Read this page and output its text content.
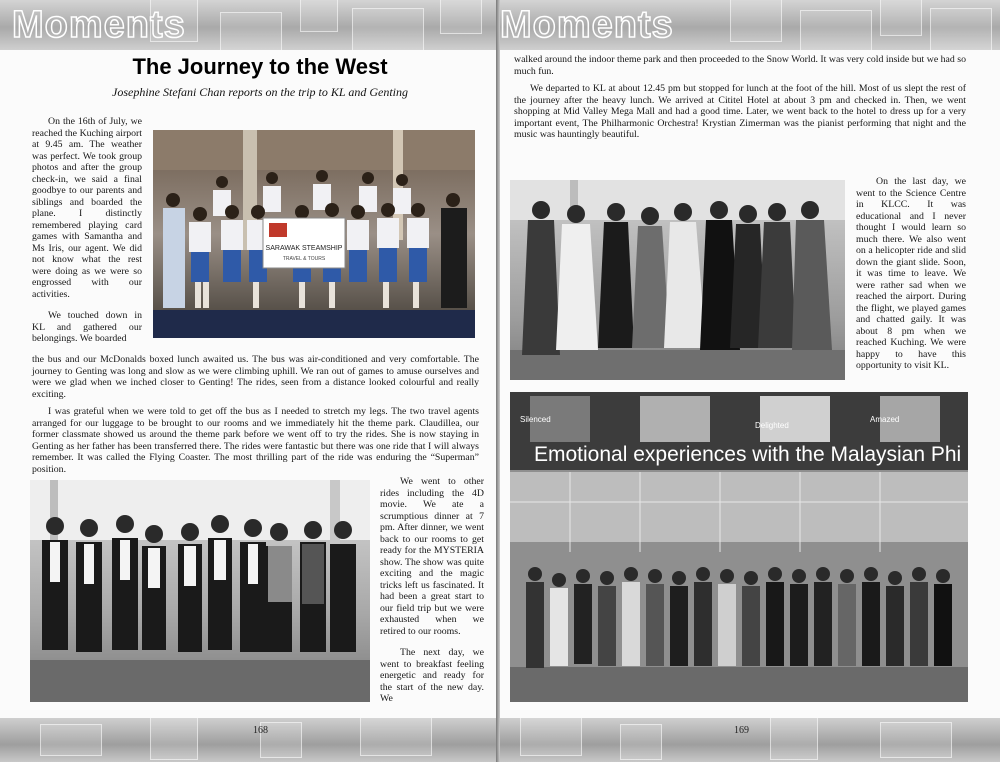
Moments
The Journey to the West
Josephine Stefani Chan reports on the trip to KL and Genting

On the 16th of July, we reached the Kuching airport at 9.45 am. The weather was perfect. We took group photos and after the group check-in, we said a final goodbye to our parents and siblings and boarded the plane. I distinctly remembered playing card games with Samantha and Ms Iris, our agent. We did not know what the rest were doing as we were so engrossed with our activities.

We touched down in KL and gathered our belongings. We boarded

SARAWAK STEAMSHIP
TRAVEL & TOURS

the bus and our McDonalds boxed lunch awaited us. The bus was air-conditioned and very comfortable. The journey to Genting was long and slow as we were climbing uphill. We ran out of games to amuse ourselves and were we glad when we inched closer to Genting! The rides, seen from a distance looked colourful and really exciting.

I was grateful when we were told to get off the bus as I needed to stretch my legs. The two travel agents arranged for our luggage to be brought to our rooms and we immediately hit the theme park. Claudillea, our former classmate showed us around the theme park before we went off to try the rides. She is now staying in Genting as her father has been transferred there. The rides were fantastic but there was one ride that I will always remember. It was called the Flying Coaster. The most thrilling part of the ride was enduring the “Superman” position.

We went to other rides including the 4D movie. We ate a scrumptious dinner at 7 pm. After dinner, we went back to our rooms to get ready for the MYSTERIA show. The show was quite exciting and the magic tricks left us fascinated. It had been a great start to our field trip but we were exhausted when we retired to our rooms.

The next day, we went to breakfast feeling energetic and ready for the start of the new day. We

168
Moments

walked around the indoor theme park and then proceeded to the Snow World. It was very cold inside but we had so much fun.

We departed to KL at about 12.45 pm but stopped for lunch at the foot of the hill. Most of us slept the rest of the journey after the heavy lunch. We arrived at Cititel Hotel at about 3 pm and checked in. Then, we went shopping at Mid Valley Mega Mall and had a good time. Later, we went back to the hotel to dress up for a very important event, The Philharmonic Orchestra! Krystian Zimerman was the pianist performing that night and the music was hauntingly beautiful.

On the last day, we went to the Science Centre in KLCC. It was educational and I never thought I would learn so much there. We also went on a helicopter ride and slid down the giant slide. Soon, it was time to leave. We were rather sad when we reached the airport. During the flight, we played games and chatted gaily. It was about 8 pm when we reached Kuching. We were happy to have this opportunity to visit KL.

Silenced
Delighted
Amazed
Emotional experiences with the Malaysian Phi
169
